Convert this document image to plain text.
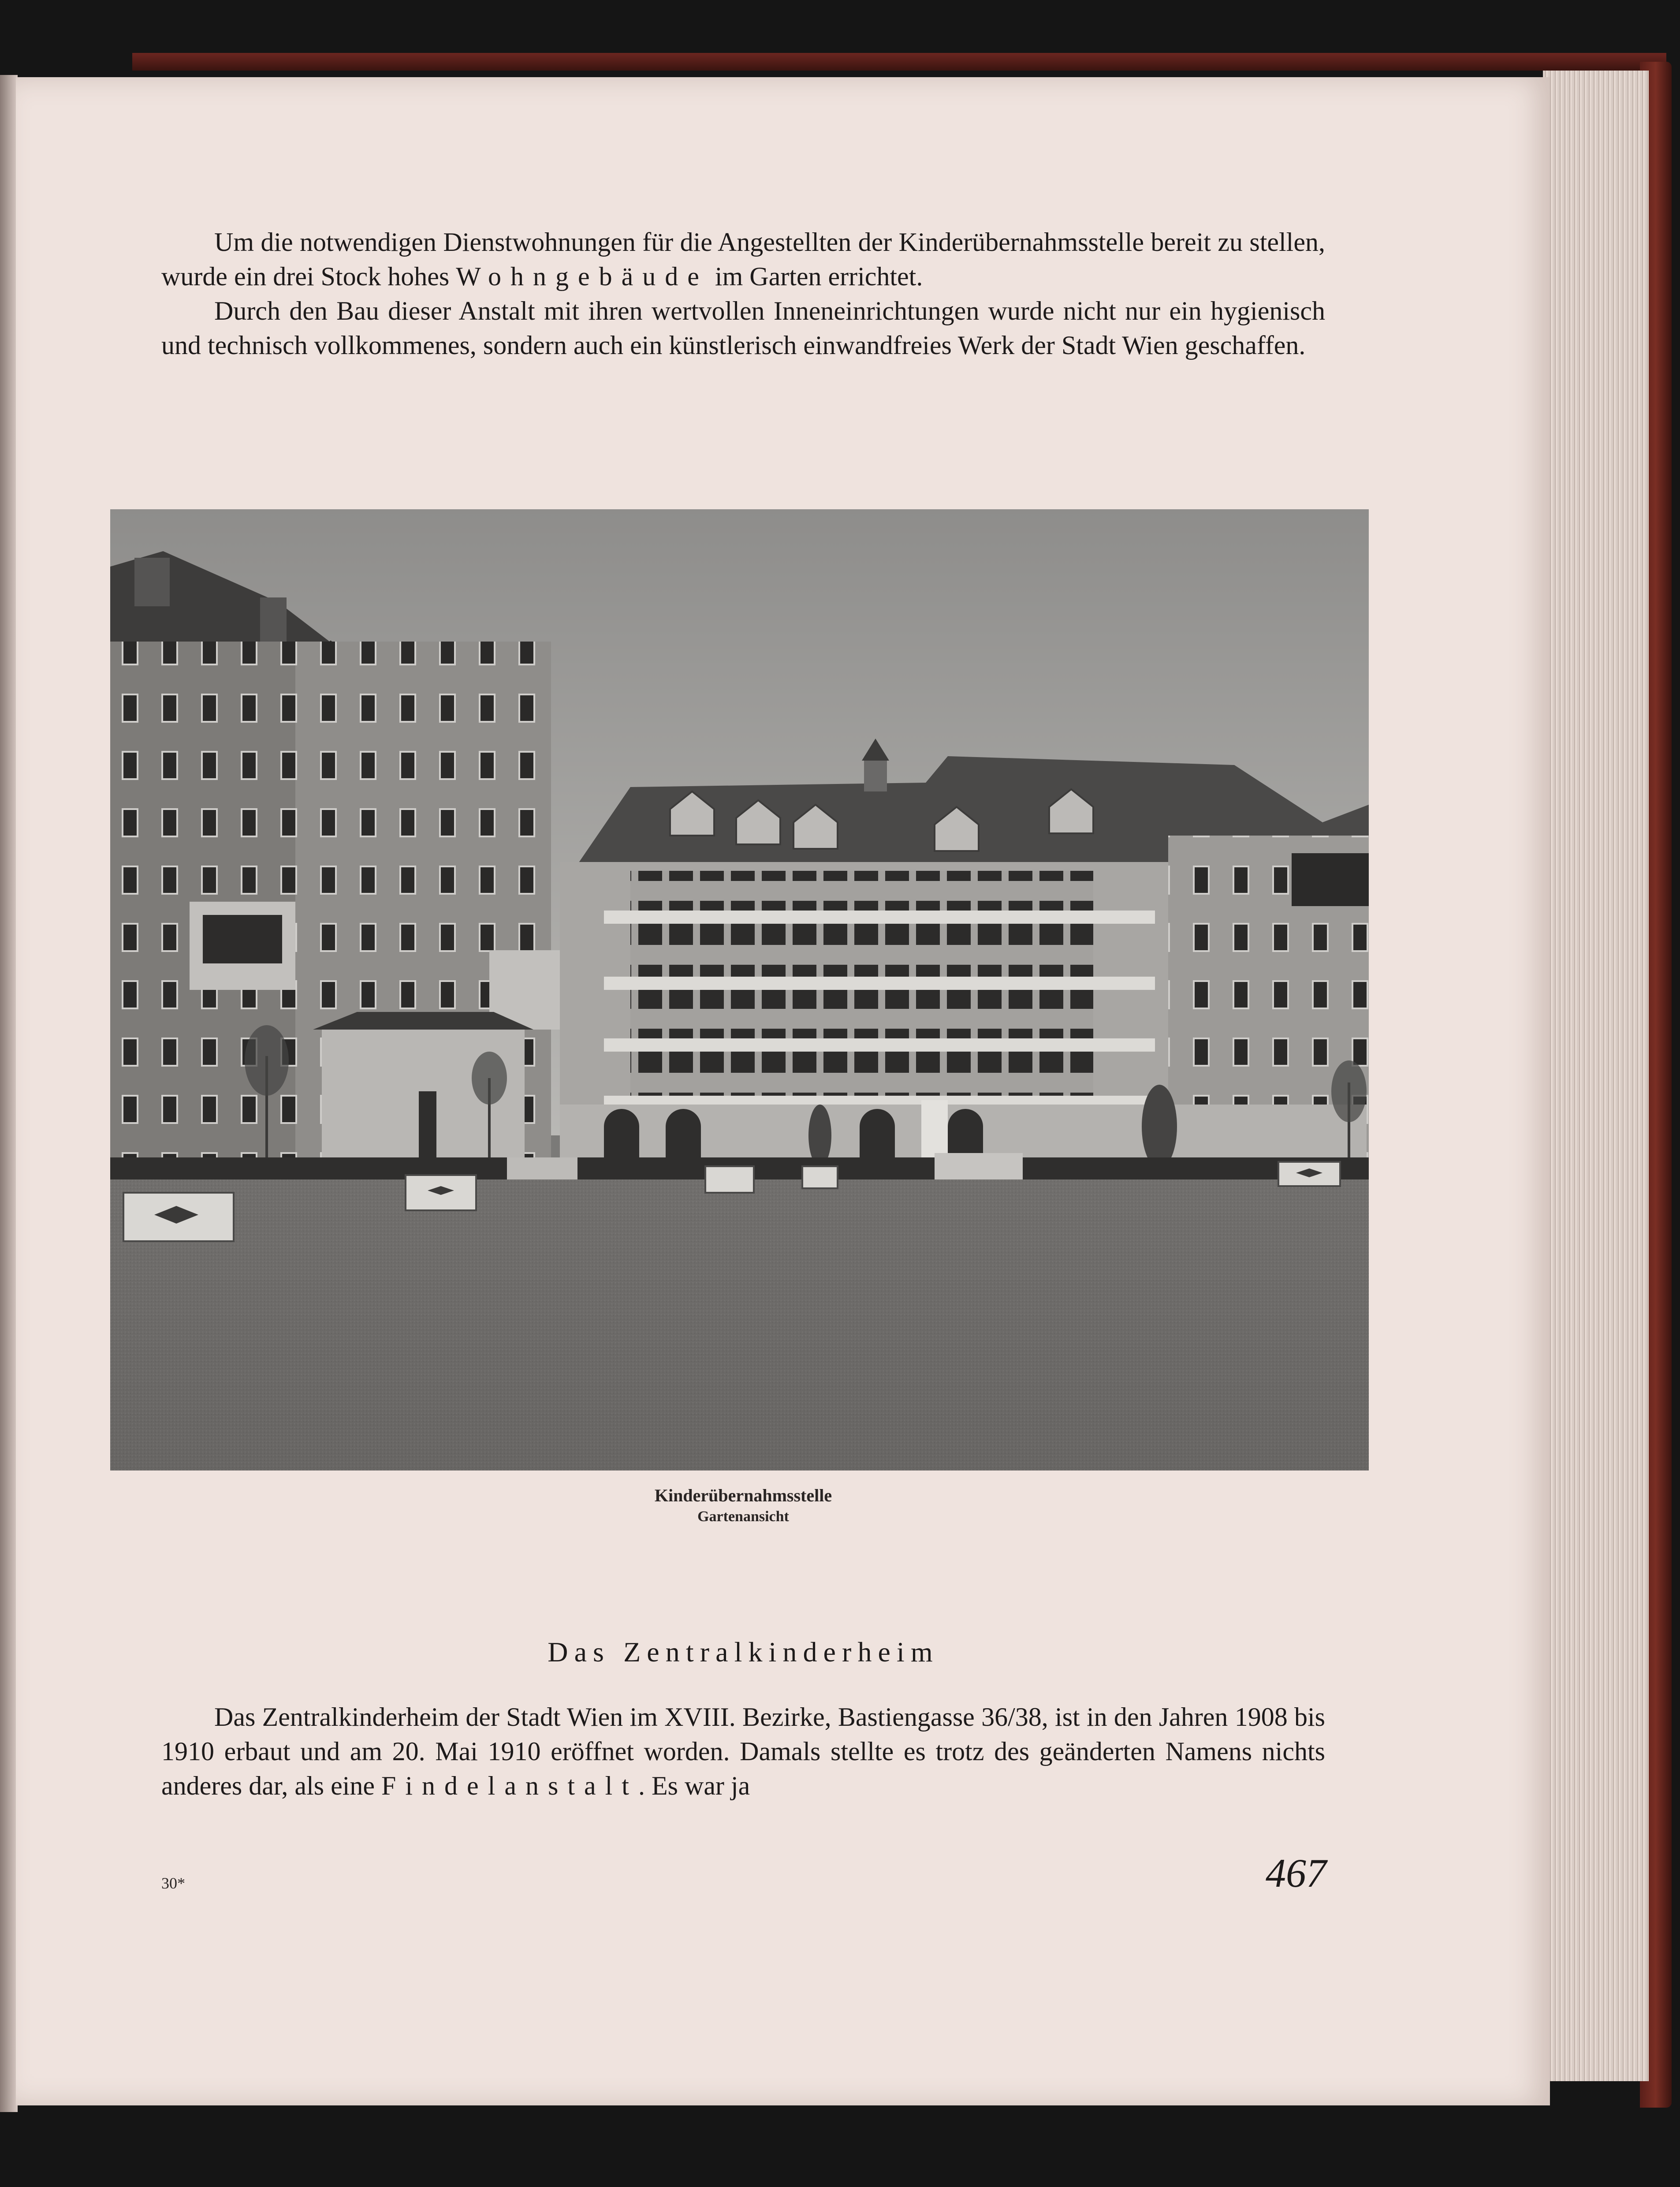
Um die notwendigen Dienstwohnungen für die Angestellten der Kinderübernahmsstelle bereit zu stellen, wurde ein drei Stock hohes Wohngebäude im Garten errichtet.

Durch den Bau dieser Anstalt mit ihren wertvollen Inneneinrichtungen wurde nicht nur ein hygienisch und technisch vollkommenes, sondern auch ein künstlerisch einwandfreies Werk der Stadt Wien geschaffen.

Kinderübernahmsstelle

Gartenansicht

Das Zentralkinderheim

Das Zentralkinderheim der Stadt Wien im XVIII. Bezirke, Bastiengasse 36/38, ist in den Jahren 1908 bis 1910 erbaut und am 20. Mai 1910 eröffnet worden. Damals stellte es trotz des geänderten Namens nichts anderes dar, als eine Findelanstalt. Es war ja

30*	467
